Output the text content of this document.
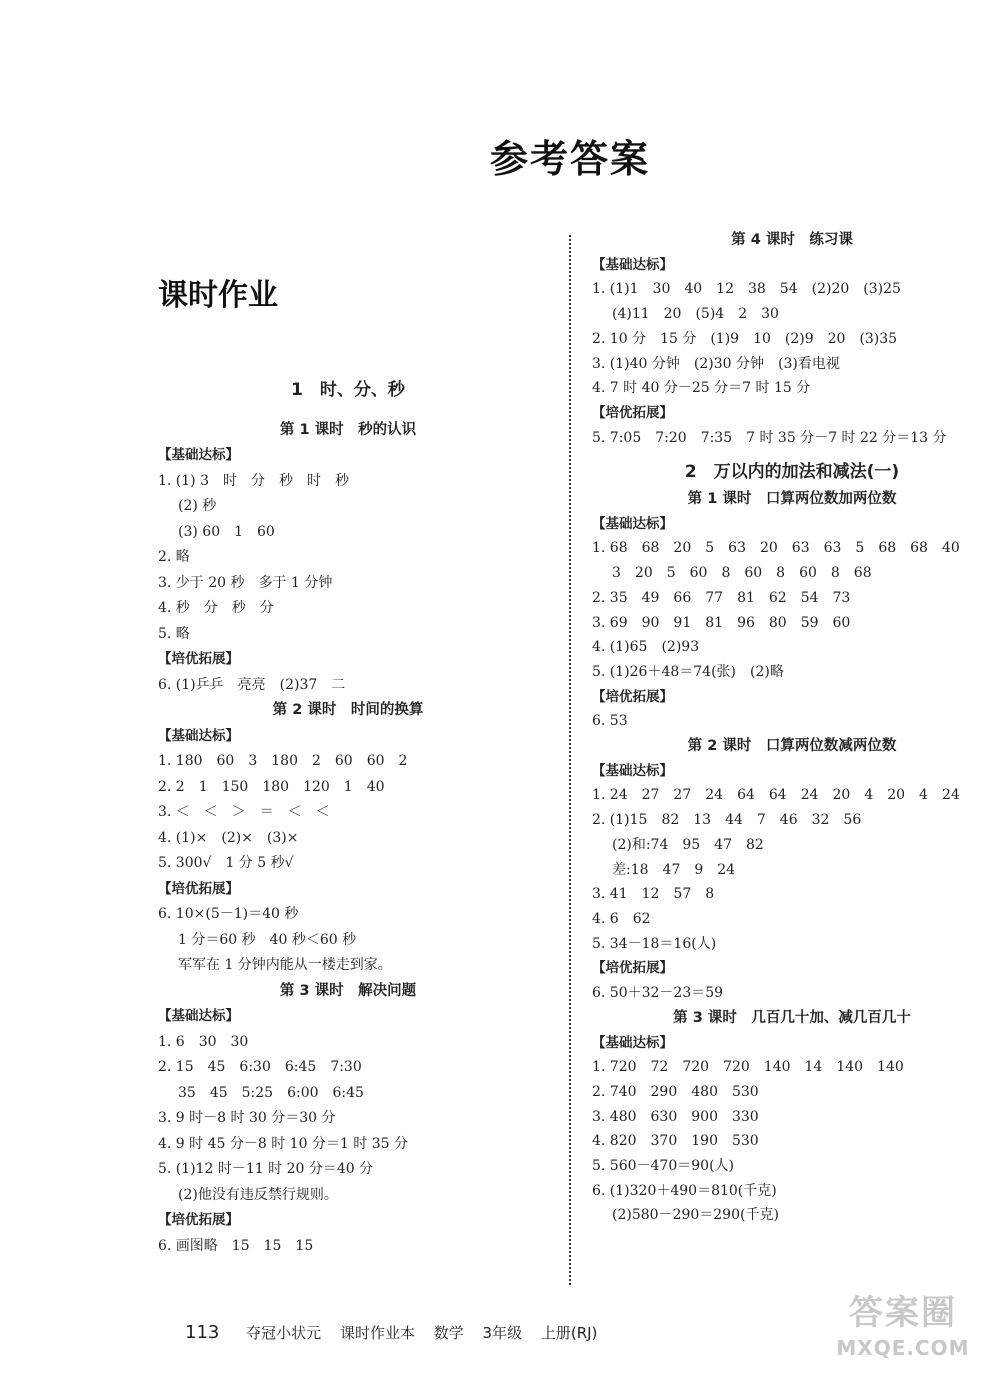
参考答案
课时作业
1　时、分、秒
第 1 课时　秒的认识
【基础达标】
1. (1) 3　时　分　秒　时　秒
(2) 秒
(3) 60　1　60
2. 略
3. 少于 20 秒　多于 1 分钟
4. 秒　分　秒　分
5. 略
【培优拓展】
6. (1)乒乒　亮亮　(2)37　二
第 2 课时　时间的换算
【基础达标】
1. 180　60　3　180　2　60　60　2
2. 2　1　150　180　120　1　40
3. ＜　＜　＞　＝　＜　＜
4. (1)×　(2)×　(3)×
5. 300√　1 分 5 秒√
【培优拓展】
6. 10×(5－1)＝40 秒
1 分＝60 秒　40 秒＜60 秒
军军在 1 分钟内能从一楼走到家。
第 3 课时　解决问题
【基础达标】
1. 6　30　30
2. 15　45　6:30　6:45　7:30
35　45　5:25　6:00　6:45
3. 9 时－8 时 30 分＝30 分
4. 9 时 45 分－8 时 10 分＝1 时 35 分
5. (1)12 时－11 时 20 分＝40 分
(2)他没有违反禁行规则。
【培优拓展】
6. 画图略　15　15　15
第 4 课时　练习课
【基础达标】
1. (1)1　30　40　12　38　54　(2)20　(3)25
(4)11　20　(5)4　2　30
2. 10 分　15 分　(1)9　10　(2)9　20　(3)35
3. (1)40 分钟　(2)30 分钟　(3)看电视
4. 7 时 40 分－25 分＝7 时 15 分
【培优拓展】
5. 7:05　7:20　7:35　7 时 35 分－7 时 22 分＝13 分
2　万以内的加法和减法(一)
第 1 课时　口算两位数加两位数
【基础达标】
1. 68　68　20　5　63　20　63　63　5　68　68　40
3　20　5　60　8　60　8　60　8　68
2. 35　49　66　77　81　62　54　73
3. 69　90　91　81　96　80　59　60
4. (1)65　(2)93
5. (1)26＋48＝74(张)　(2)略
【培优拓展】
6. 53
第 2 课时　口算两位数减两位数
【基础达标】
1. 24　27　27　24　64　64　24　20　4　20　4　24
2. (1)15　82　13　44　7　46　32　56
(2)和:74　95　47　82
差:18　47　9　24
3. 41　12　57　8
4. 6　62
5. 34－18＝16(人)
【培优拓展】
6. 50＋32－23＝59
第 3 课时　几百几十加、减几百几十
【基础达标】
1. 720　72　720　720　140　14　140　140
2. 740　290　480　530
3. 480　630　900　330
4. 820　370　190　530
5. 560－470＝90(人)
6. (1)320＋490＝810(千克)
(2)580－290＝290(千克)
113 夺冠小状元 课时作业本 数学 3年级 上册(RJ)	答案圈
MXQE.COM
